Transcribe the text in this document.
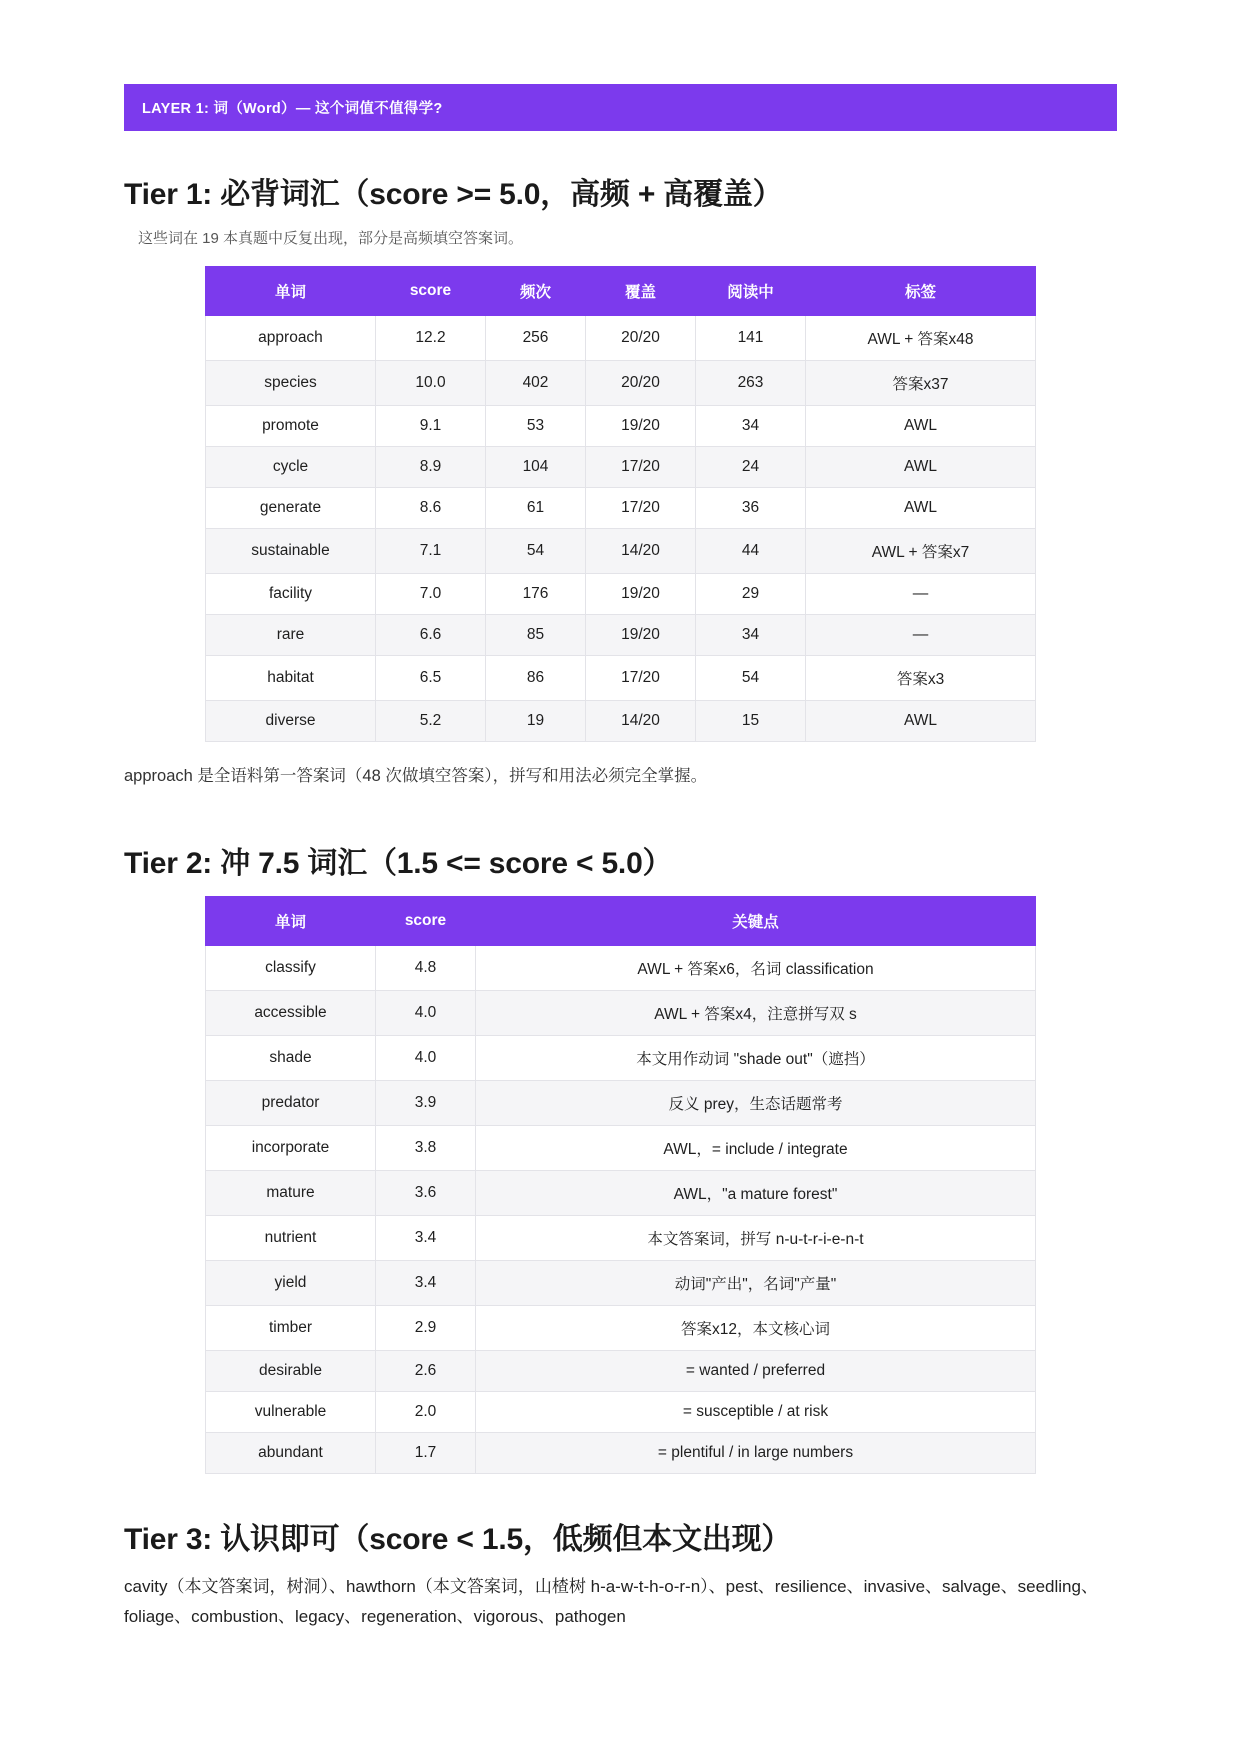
LAYER 1: 词（Word）— 这个词值不值得学?
Tier 1: 必背词汇（score >= 5.0，高频 + 高覆盖）

这些词在 19 本真题中反复出现，部分是高频填空答案词。

单词	score	频次	覆盖	阅读中	标签
approach	12.2	256	20/20	141	AWL + 答案x48
species	10.0	402	20/20	263	答案x37
promote	9.1	53	19/20	34	AWL
cycle	8.9	104	17/20	24	AWL
generate	8.6	61	17/20	36	AWL
sustainable	7.1	54	14/20	44	AWL + 答案x7
facility	7.0	176	19/20	29	—
rare	6.6	85	19/20	34	—
habitat	6.5	86	17/20	54	答案x3
diverse	5.2	19	14/20	15	AWL

approach 是全语料第一答案词（48 次做填空答案），拼写和用法必须完全掌握。

Tier 2: 冲 7.5 词汇（1.5 <= score < 5.0）
单词	score	关键点
classify	4.8	AWL + 答案x6，名词 classification
accessible	4.0	AWL + 答案x4，注意拼写双 s
shade	4.0	本文用作动词 "shade out"（遮挡）
predator	3.9	反义 prey，生态话题常考
incorporate	3.8	AWL，= include / integrate
mature	3.6	AWL，"a mature forest"
nutrient	3.4	本文答案词，拼写 n-u-t-r-i-e-n-t
yield	3.4	动词"产出"，名词"产量"
timber	2.9	答案x12，本文核心词
desirable	2.6	= wanted / preferred
vulnerable	2.0	= susceptible / at risk
abundant	1.7	= plentiful / in large numbers
Tier 3: 认识即可（score < 1.5，低频但本文出现）

cavity（本文答案词，树洞）、hawthorn（本文答案词，山楂树 h-a-w-t-h-o-r-n）、pest、resilience、invasive、salvage、seedling、foliage、combustion、legacy、regeneration、vigorous、pathogen
